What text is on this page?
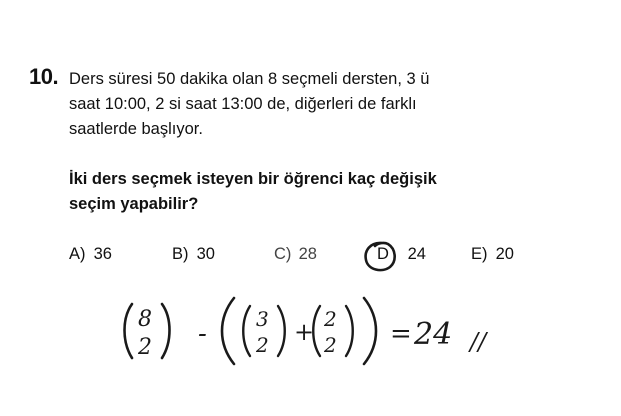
10. Ders süresi 50 dakika olan 8 seçmeli dersten, 3 ü
saat 10:00, 2 si saat 13:00 de, diğerleri de farklı
saatlerde başlıyor.
İki ders seçmek isteyen bir öğrenci kaç değişik
seçim yapabilir?
A) 36	B) 30	C) 28	D 24	E) 20
8
2 - 3
2 + 2
2 = 24 //
